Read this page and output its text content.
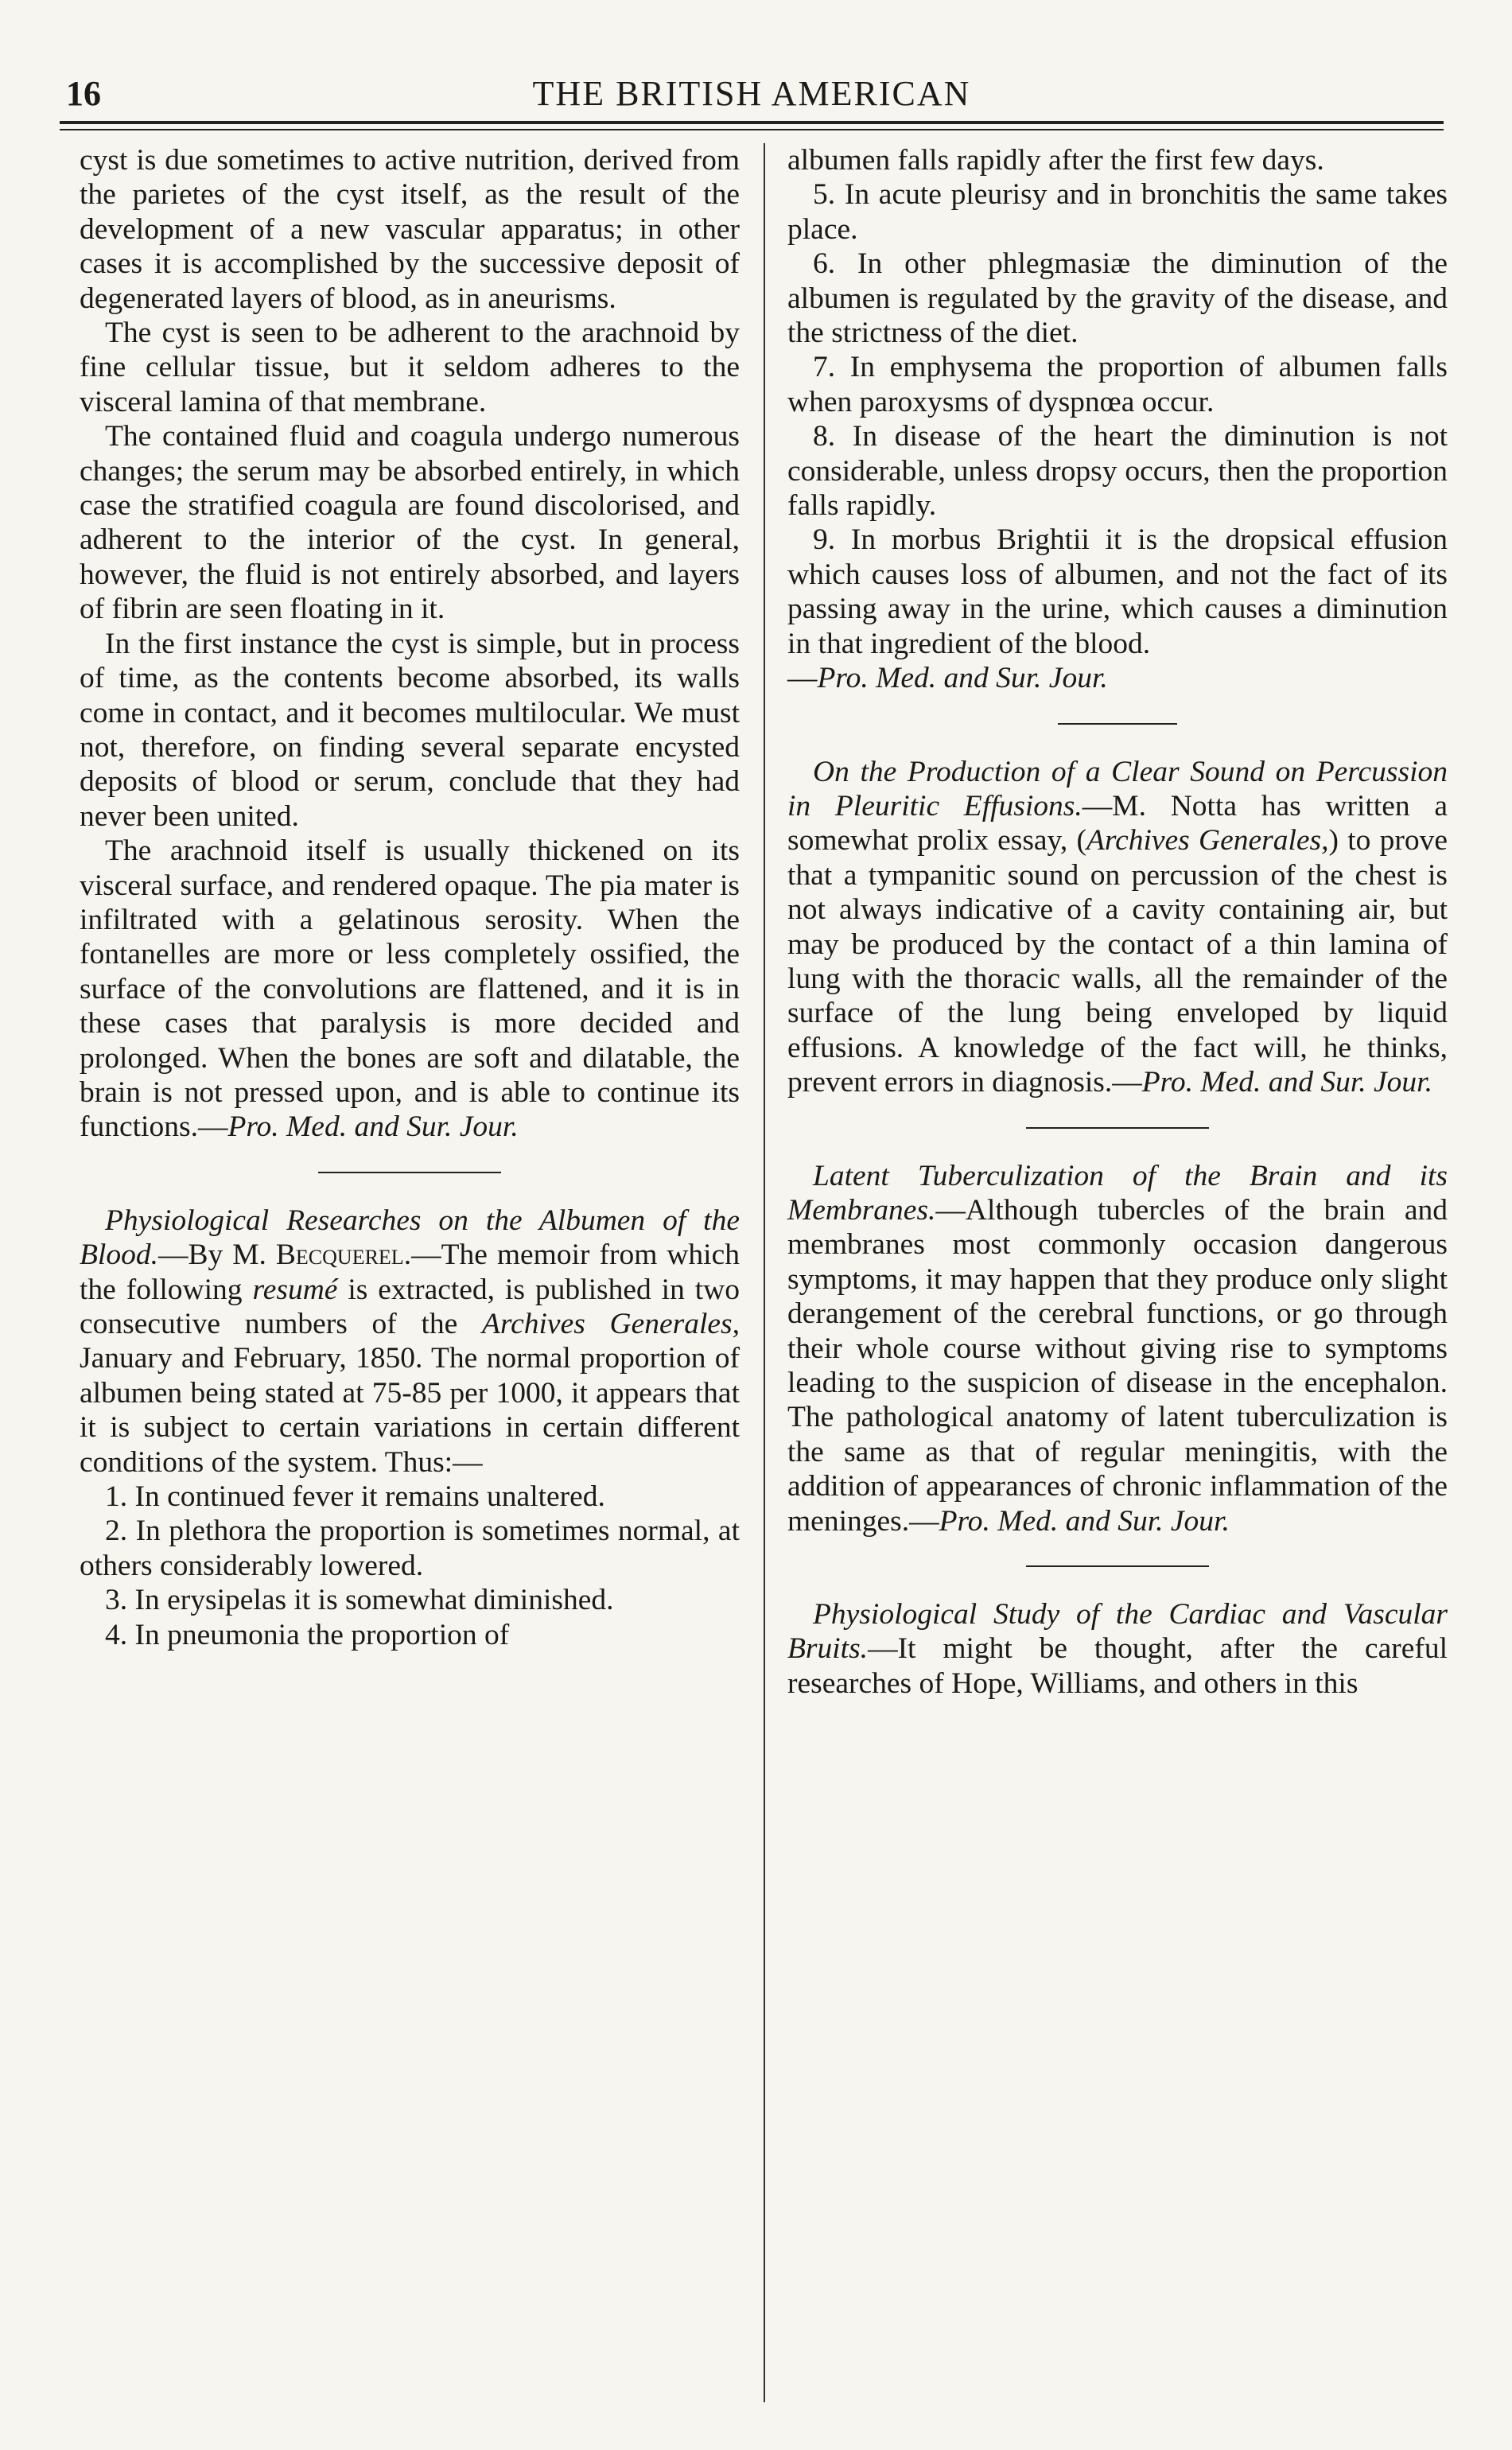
16	THE BRITISH AMERICAN

cyst is due sometimes to active nutrition, derived from the parietes of the cyst itself, as the result of the development of a new vascular apparatus; in other cases it is accomplished by the successive deposit of degenerated layers of blood, as in aneurisms.

The cyst is seen to be adherent to the arachnoid by fine cellular tissue, but it seldom adheres to the visceral lamina of that membrane.

The contained fluid and coagula undergo numerous changes; the serum may be absorbed entirely, in which case the stratified coagula are found discolorised, and adherent to the interior of the cyst. In general, however, the fluid is not entirely absorbed, and layers of fibrin are seen floating in it.

In the first instance the cyst is simple, but in process of time, as the contents become absorbed, its walls come in contact, and it becomes multilocular. We must not, therefore, on finding several separate encysted deposits of blood or serum, conclude that they had never been united.

The arachnoid itself is usually thickened on its visceral surface, and rendered opaque. The pia mater is infiltrated with a gelatinous serosity. When the fontanelles are more or less completely ossified, the surface of the convolutions are flattened, and it is in these cases that paralysis is more decided and prolonged. When the bones are soft and dilatable, the brain is not pressed upon, and is able to continue its functions.—Pro. Med. and Sur. Jour.

Physiological Researches on the Albumen of the Blood.—By M. Becquerel.—The memoir from which the following resumé is extracted, is published in two consecutive numbers of the Archives Generales, January and February, 1850. The normal proportion of albumen being stated at 75-85 per 1000, it appears that it is subject to certain variations in certain different conditions of the system. Thus:—

1. In continued fever it remains unaltered.

2. In plethora the proportion is sometimes normal, at others considerably lowered.

3. In erysipelas it is somewhat diminished.

4. In pneumonia the proportion of

albumen falls rapidly after the first few days.

5. In acute pleurisy and in bronchitis the same takes place.

6. In other phlegmasiæ the diminution of the albumen is regulated by the gravity of the disease, and the strictness of the diet.

7. In emphysema the proportion of albumen falls when paroxysms of dyspnœa occur.

8. In disease of the heart the diminution is not considerable, unless dropsy occurs, then the proportion falls rapidly.

9. In morbus Brightii it is the dropsical effusion which causes loss of albumen, and not the fact of its passing away in the urine, which causes a diminution in that ingredient of the blood.
—Pro. Med. and Sur. Jour.

On the Production of a Clear Sound on Percussion in Pleuritic Effusions.—M. Notta has written a somewhat prolix essay, (Archives Generales,) to prove that a tympanitic sound on percussion of the chest is not always indicative of a cavity containing air, but may be produced by the contact of a thin lamina of lung with the thoracic walls, all the remainder of the surface of the lung being enveloped by liquid effusions. A knowledge of the fact will, he thinks, prevent errors in diagnosis.—Pro. Med. and Sur. Jour.

Latent Tuberculization of the Brain and its Membranes.—Although tubercles of the brain and membranes most commonly occasion dangerous symptoms, it may happen that they produce only slight derangement of the cerebral functions, or go through their whole course without giving rise to symptoms leading to the suspicion of disease in the encephalon. The pathological anatomy of latent tuberculization is the same as that of regular meningitis, with the addition of appearances of chronic inflammation of the meninges.—Pro. Med. and Sur. Jour.

Physiological Study of the Cardiac and Vascular Bruits.—It might be thought, after the careful researches of Hope, Williams, and others in this
